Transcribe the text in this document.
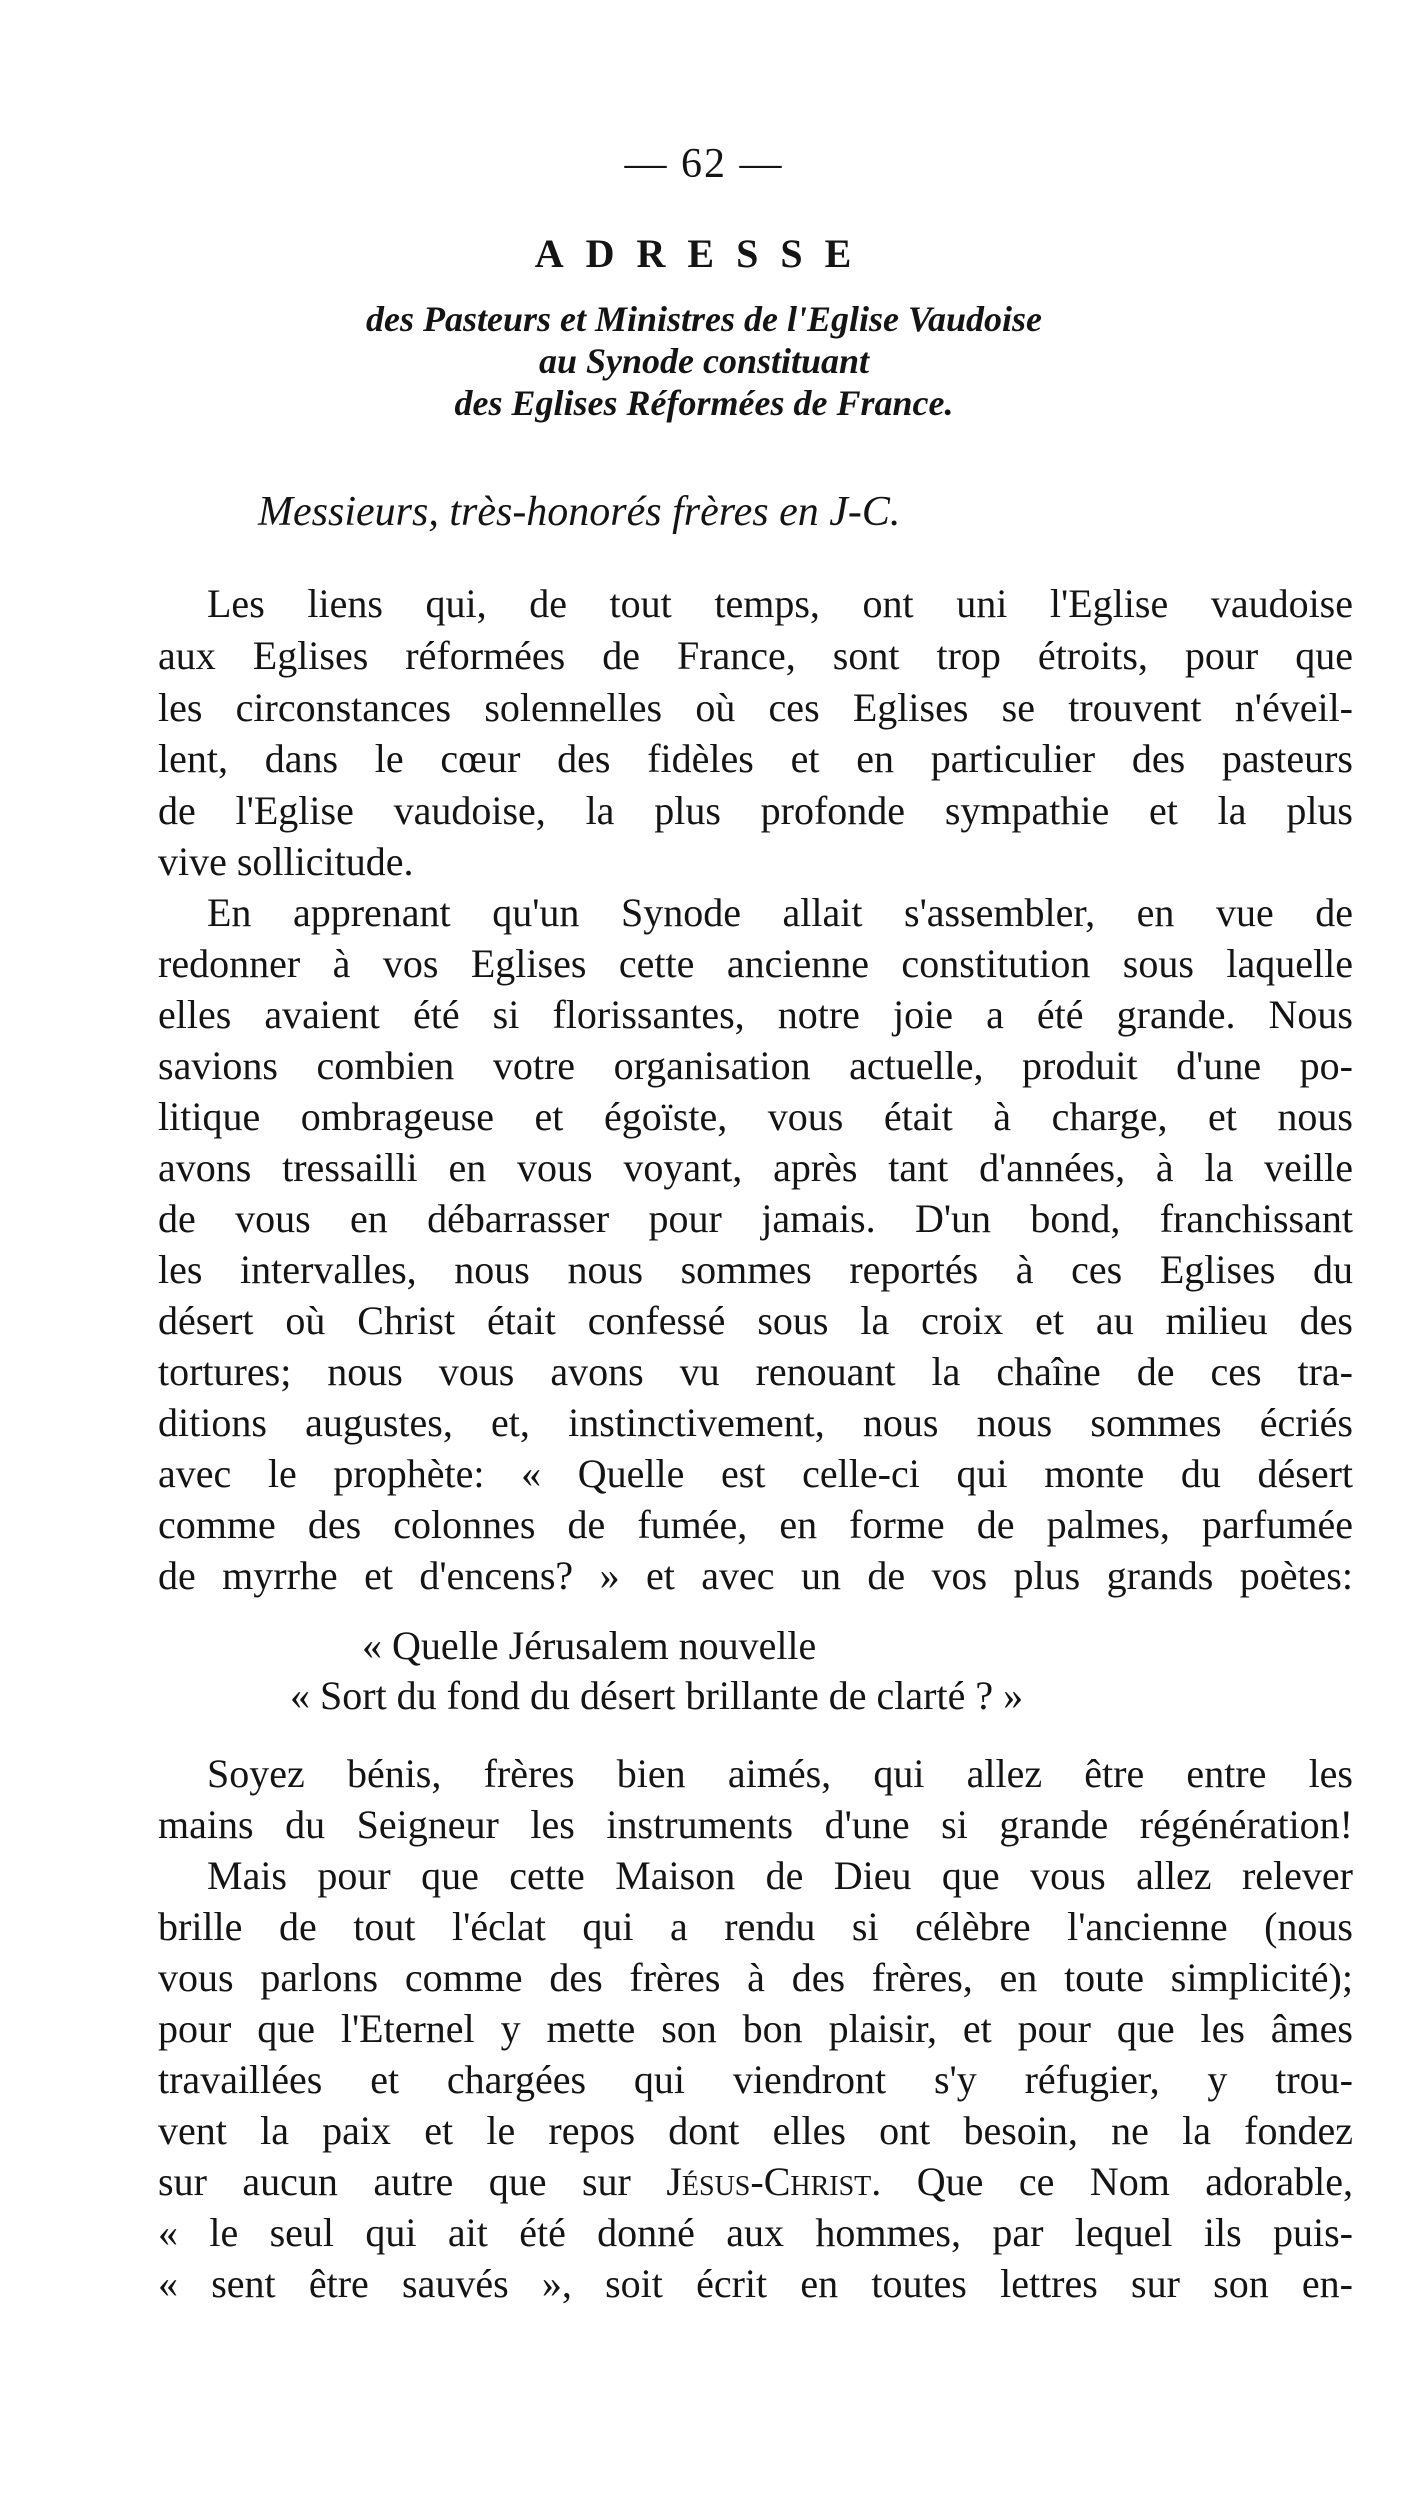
— 62 —
ADRESSE
des Pasteurs et Ministres de l'Eglise Vaudoise
au Synode constituant
des Eglises Réformées de France.
Messieurs, très-honorés frères en J-C.
Les liens qui, de tout temps, ont uni l'Eglise vaudoise
aux Eglises réformées de France, sont trop étroits, pour que
les circonstances solennelles où ces Eglises se trouvent n'éveil-
lent, dans le cœur des fidèles et en particulier des pasteurs
de l'Eglise vaudoise, la plus profonde sympathie et la plus
vive sollicitude.
En apprenant qu'un Synode allait s'assembler, en vue de
redonner à vos Eglises cette ancienne constitution sous laquelle
elles avaient été si florissantes, notre joie a été grande. Nous
savions combien votre organisation actuelle, produit d'une po-
litique ombrageuse et égoïste, vous était à charge, et nous
avons tressailli en vous voyant, après tant d'années, à la veille
de vous en débarrasser pour jamais. D'un bond, franchissant
les intervalles, nous nous sommes reportés à ces Eglises du
désert où Christ était confessé sous la croix et au milieu des
tortures; nous vous avons vu renouant la chaîne de ces tra-
ditions augustes, et, instinctivement, nous nous sommes écriés
avec le prophète: « Quelle est celle-ci qui monte du désert
comme des colonnes de fumée, en forme de palmes, parfumée
de myrrhe et d'encens? » et avec un de vos plus grands poètes:
« Quelle Jérusalem nouvelle
« Sort du fond du désert brillante de clarté ? »
Soyez bénis, frères bien aimés, qui allez être entre les
mains du Seigneur les instruments d'une si grande régénération!
Mais pour que cette Maison de Dieu que vous allez relever
brille de tout l'éclat qui a rendu si célèbre l'ancienne (nous
vous parlons comme des frères à des frères, en toute simplicité);
pour que l'Eternel y mette son bon plaisir, et pour que les âmes
travaillées et chargées qui viendront s'y réfugier, y trou-
vent la paix et le repos dont elles ont besoin, ne la fondez
sur aucun autre que sur Jésus-Christ. Que ce Nom adorable,
« le seul qui ait été donné aux hommes, par lequel ils puis-
« sent être sauvés », soit écrit en toutes lettres sur son en-
